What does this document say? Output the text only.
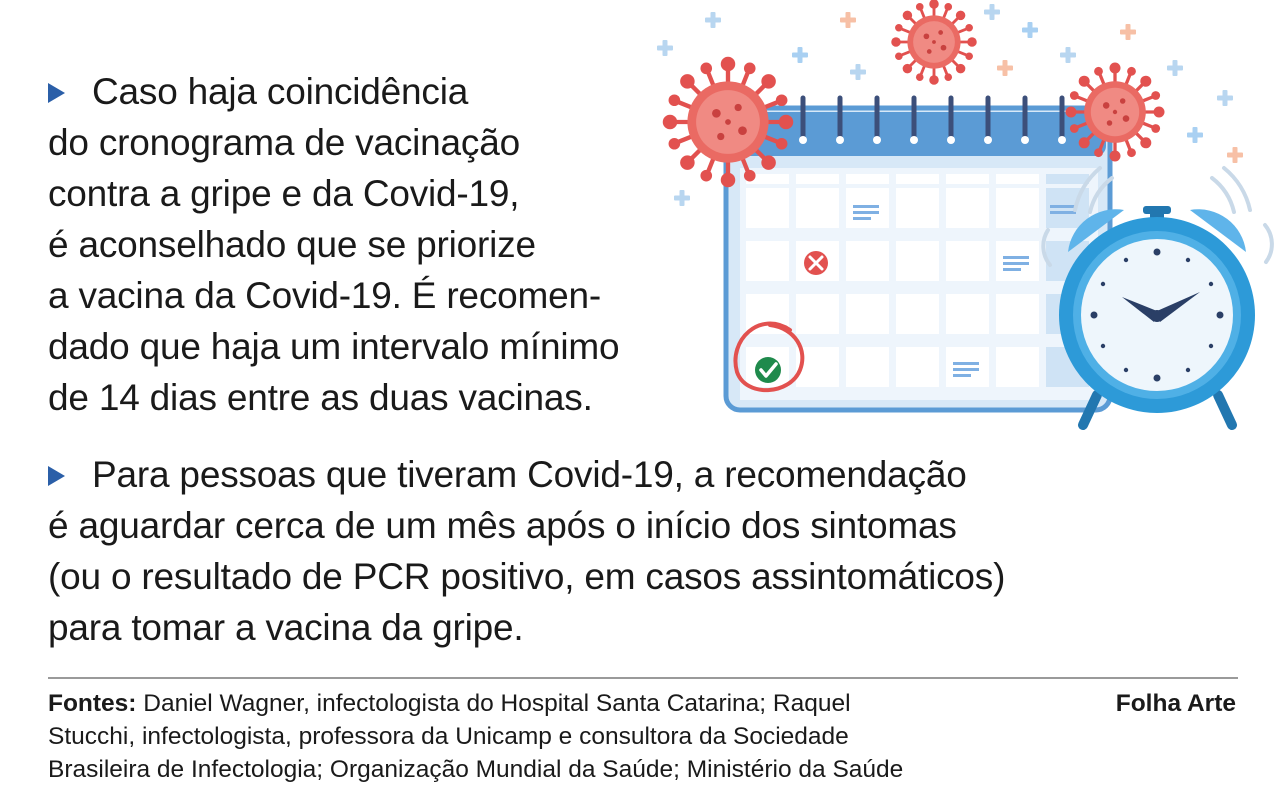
Caso haja coincidência
do cronograma de vacinação
contra a gripe e da Covid-19,
é aconselhado que se priorize
a vacina da Covid-19. É recomen-
dado que haja um intervalo mínimo
de 14 dias entre as duas vacinas.
Para pessoas que tiveram Covid-19, a recomendação
é aguardar cerca de um mês após o início dos sintomas
(ou o resultado de PCR positivo, em casos assintomáticos)
para tomar a vacina da gripe.
Fontes: Daniel Wagner, infectologista do Hospital Santa Catarina; Raquel
Stucchi, infectologista, professora da Unicamp e consultora da Sociedade
Brasileira de Infectologia; Organização Mundial da Saúde; Ministério da Saúde
Folha Arte
